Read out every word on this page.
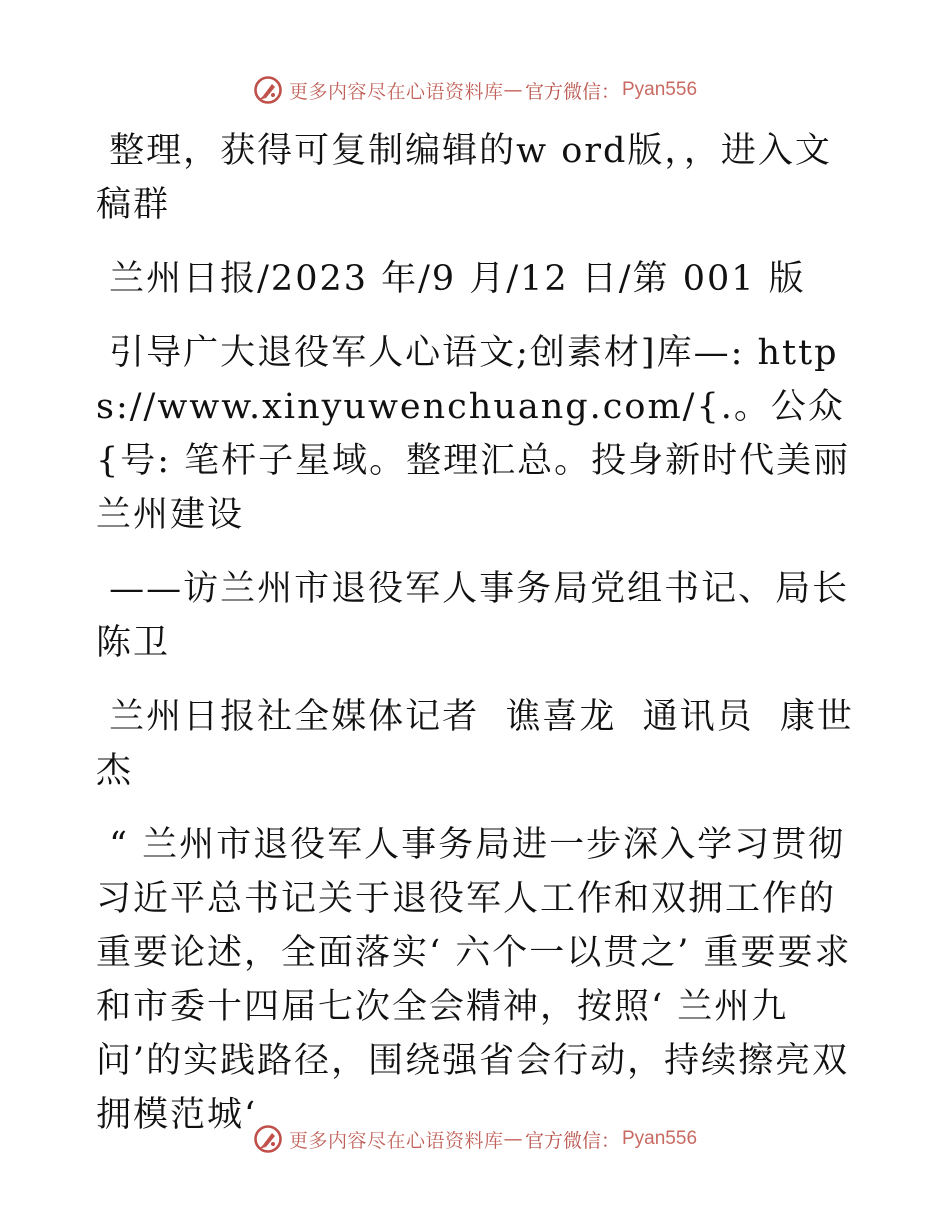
更多内容尽在心语资料库 — 官方微信： Pyan556

整理，获得可复制编辑的w ord版，，进入文稿群

兰州日报/2023 年/9 月/12 日/第 001 版

引导广大退役军人心语文;创素材]库—: https://www.xinyuwenchuang.com/{.。公众{号: 笔杆子星域。整理汇总。投身新时代美丽兰州建设

——访兰州市退役军人事务局党组书记、局长陈卫

兰州日报社全媒体记者  谯喜龙  通讯员  康世杰

“ 兰州市退役军人事务局进一步深入学习贯彻习近平总书记关于退役军人工作和双拥工作的重要论述，全面落实‘ 六个一以贯之’ 重要要求和市委十四届七次全会精神，按照‘ 兰州九问’的实践路径，围绕强省会行动，持续擦亮双拥模范城‘

更多内容尽在心语资料库 — 官方微信： Pyan556
